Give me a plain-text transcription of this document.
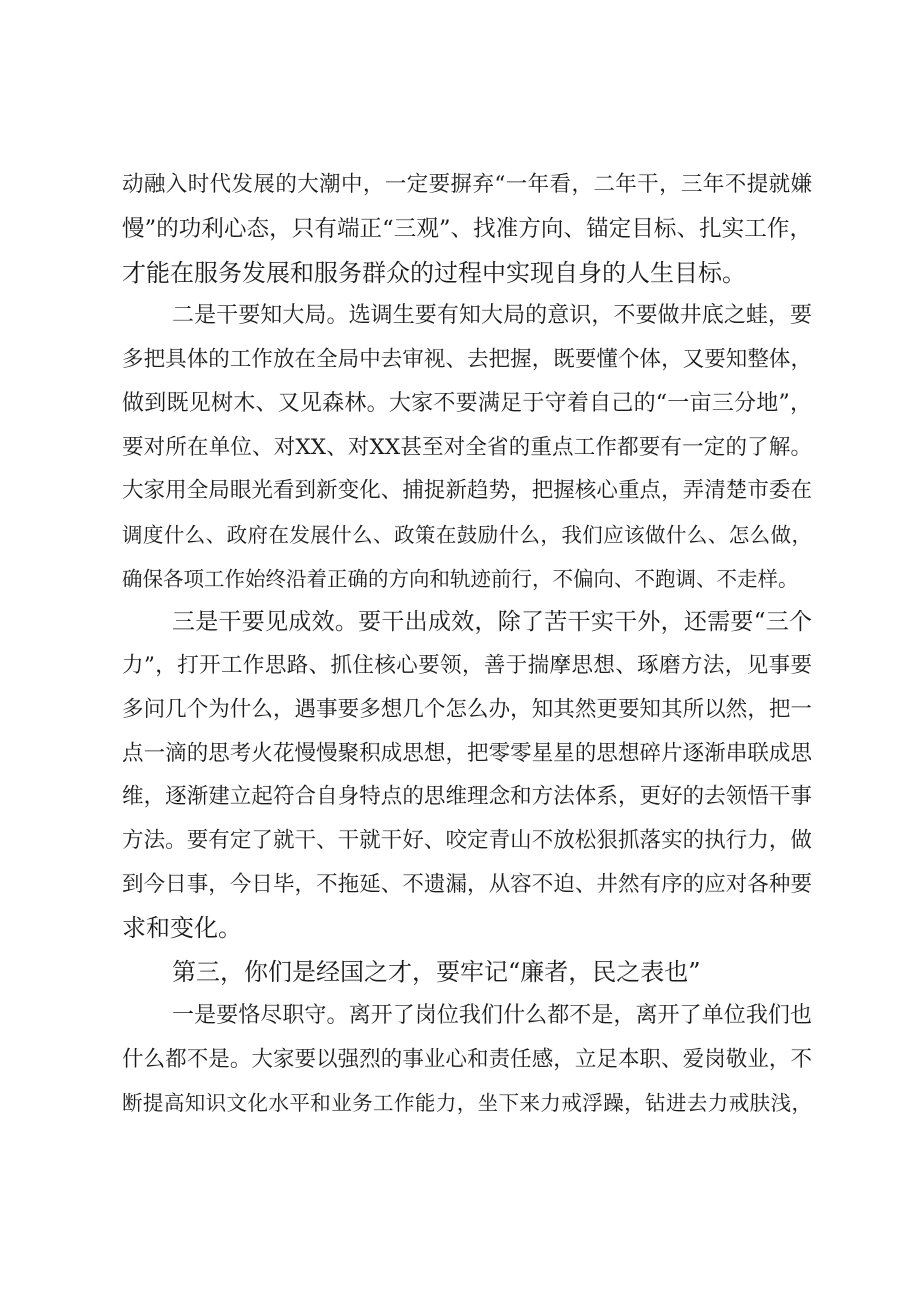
动融入时代发展的大潮中，一定要摒弃“一年看，二年干，三年不提就嫌
慢”的功利心态，只有端正“三观”、找准方向、锚定目标、扎实工作，
才能在服务发展和服务群众的过程中实现自身的人生目标。
二是干要知大局。选调生要有知大局的意识，不要做井底之蛙，要
多把具体的工作放在全局中去审视、去把握，既要懂个体，又要知整体，
做到既见树木、又见森林。大家不要满足于守着自己的“一亩三分地”，
要对所在单位、对XX、对XX甚至对全省的重点工作都要有一定的了解。
大家用全局眼光看到新变化、捕捉新趋势，把握核心重点，弄清楚市委在
调度什么、政府在发展什么、政策在鼓励什么，我们应该做什么、怎么做，
确保各项工作始终沿着正确的方向和轨迹前行，不偏向、不跑调、不走样。
三是干要见成效。要干出成效，除了苦干实干外，还需要“三个
力”，打开工作思路、抓住核心要领，善于揣摩思想、琢磨方法，见事要
多问几个为什么，遇事要多想几个怎么办，知其然更要知其所以然，把一
点一滴的思考火花慢慢聚积成思想，把零零星星的思想碎片逐渐串联成思
维，逐渐建立起符合自身特点的思维理念和方法体系，更好的去领悟干事
方法。要有定了就干、干就干好、咬定青山不放松狠抓落实的执行力，做
到今日事，今日毕，不拖延、不遗漏，从容不迫、井然有序的应对各种要
求和变化。
第三，你们是经国之才，要牢记“廉者，民之表也”
一是要恪尽职守。离开了岗位我们什么都不是，离开了单位我们也
什么都不是。大家要以强烈的事业心和责任感，立足本职、爱岗敬业，不
断提高知识文化水平和业务工作能力，坐下来力戒浮躁，钻进去力戒肤浅，
